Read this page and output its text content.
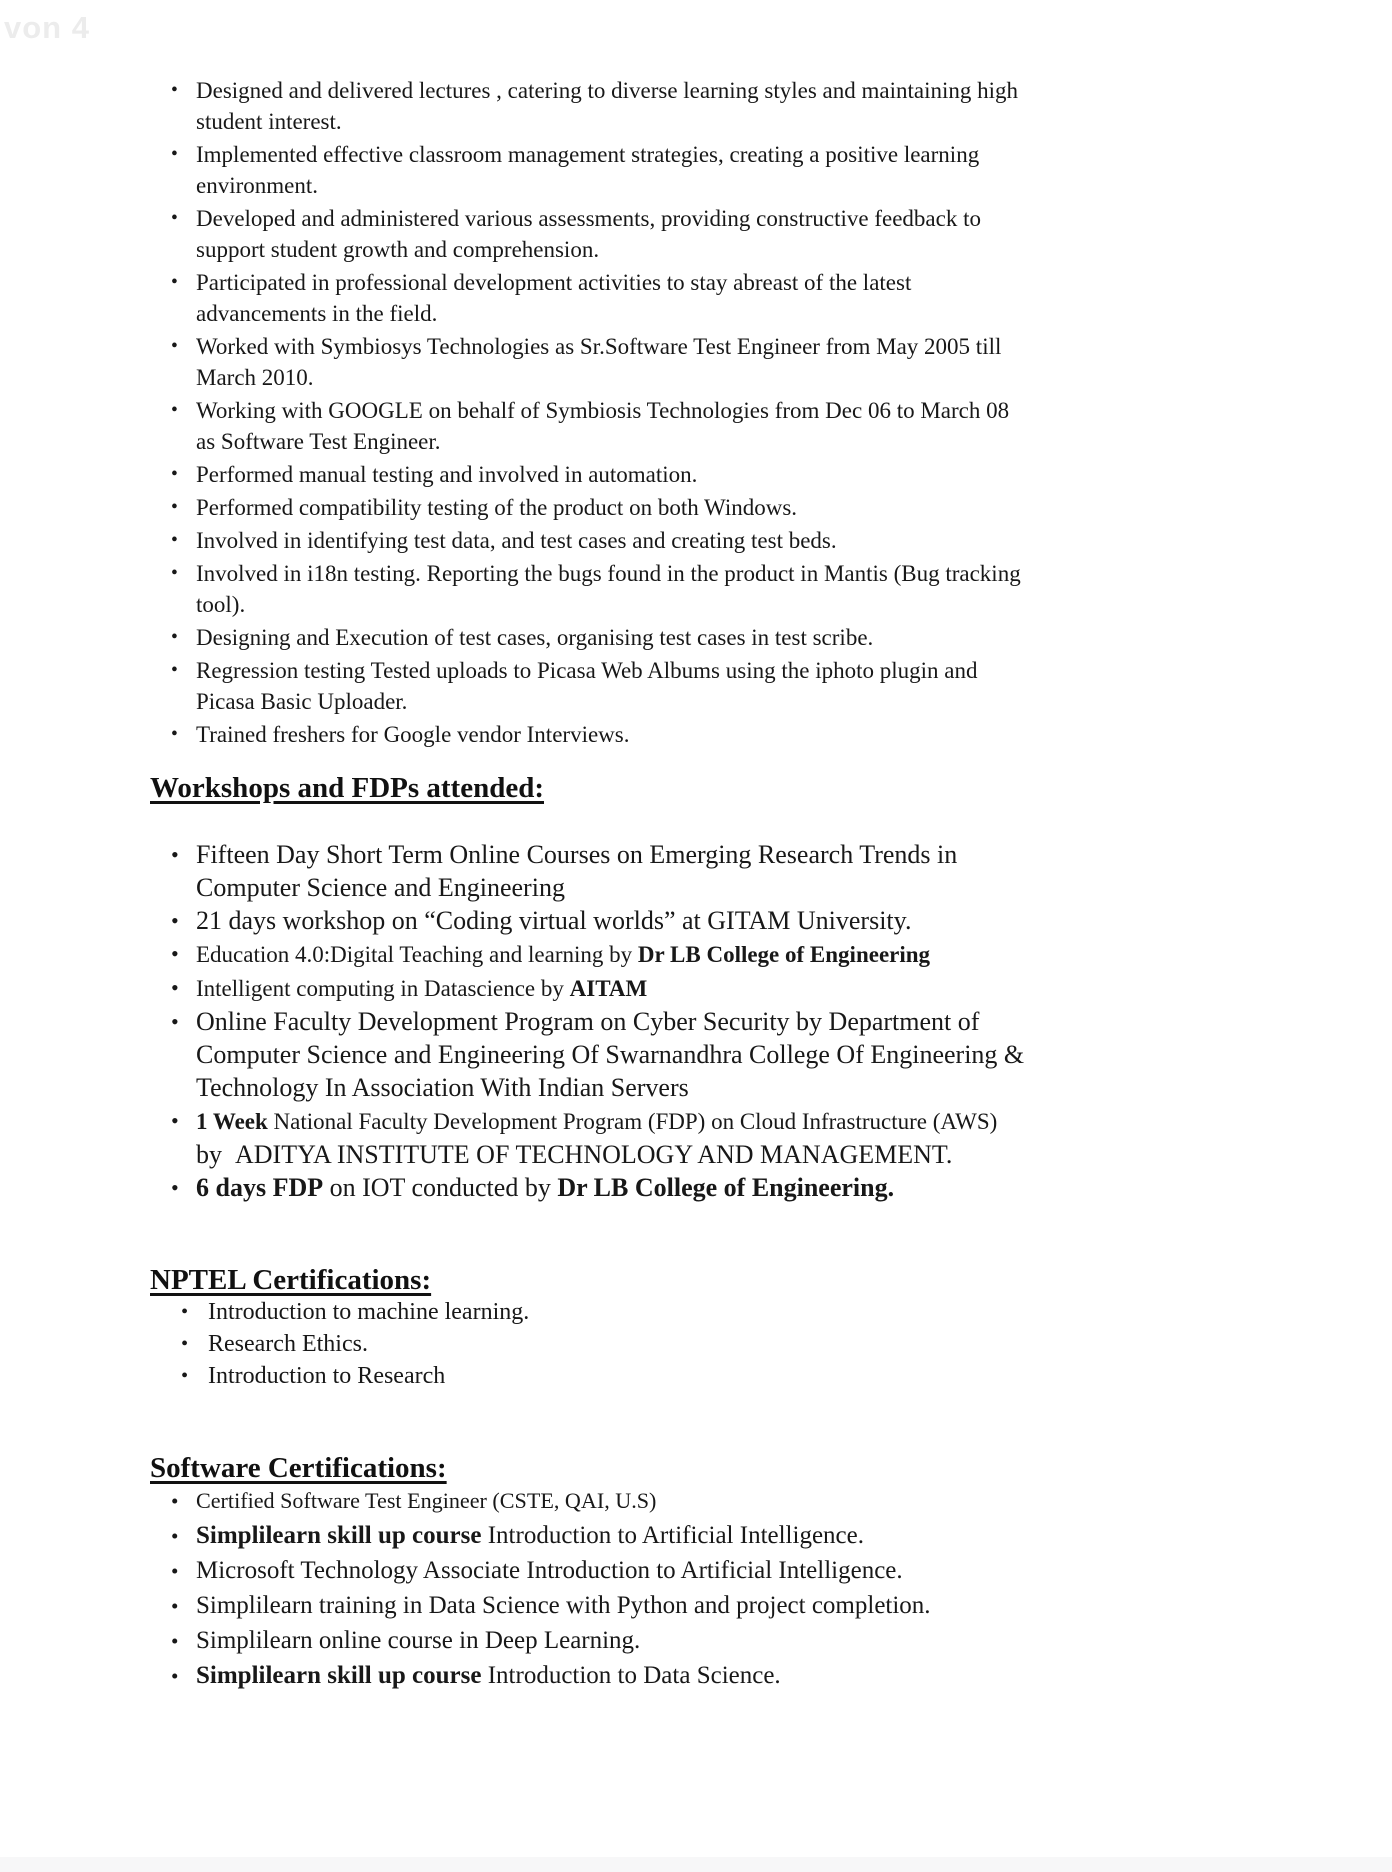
von 4
• Designed and delivered lectures , catering to diverse learning styles and maintaining high
student interest.
• Implemented effective classroom management strategies, creating a positive learning
environment.
• Developed and administered various assessments, providing constructive feedback to
support student growth and comprehension.
• Participated in professional development activities to stay abreast of the latest
advancements in the field.
• Worked with Symbiosys Technologies as Sr.Software Test Engineer from May 2005 till
March 2010.
• Working with GOOGLE on behalf of Symbiosis Technologies from Dec 06 to March 08
as Software Test Engineer.
• Performed manual testing and involved in automation.
• Performed compatibility testing of the product on both Windows.
• Involved in identifying test data, and test cases and creating test beds.
• Involved in i18n testing. Reporting the bugs found in the product in Mantis (Bug tracking
tool).
• Designing and Execution of test cases, organising test cases in test scribe.
• Regression testing Tested uploads to Picasa Web Albums using the iphoto plugin and
Picasa Basic Uploader.
• Trained freshers for Google vendor Interviews.
Workshops and FDPs attended:
• Fifteen Day Short Term Online Courses on Emerging Research Trends in
Computer Science and Engineering
• 21 days workshop on “Coding virtual worlds” at GITAM University.
• Education 4.0:Digital Teaching and learning by Dr LB College of Engineering
• Intelligent computing in Datascience by AITAM
• Online Faculty Development Program on Cyber Security by Department of
Computer Science and Engineering Of Swarnandhra College Of Engineering &
Technology In Association With Indian Servers
• 1 Week National Faculty Development Program (FDP) on Cloud Infrastructure (AWS)
by  ADITYA INSTITUTE OF TECHNOLOGY AND MANAGEMENT.
• 6 days FDP on IOT conducted by Dr LB College of Engineering.
NPTEL Certifications:
• Introduction to machine learning.
• Research Ethics.
• Introduction to Research
Software Certifications:
• Certified Software Test Engineer (CSTE, QAI, U.S)
• Simplilearn skill up course Introduction to Artificial Intelligence.
• Microsoft Technology Associate Introduction to Artificial Intelligence.
• Simplilearn training in Data Science with Python and project completion.
• Simplilearn online course in Deep Learning.
• Simplilearn skill up course Introduction to Data Science.
